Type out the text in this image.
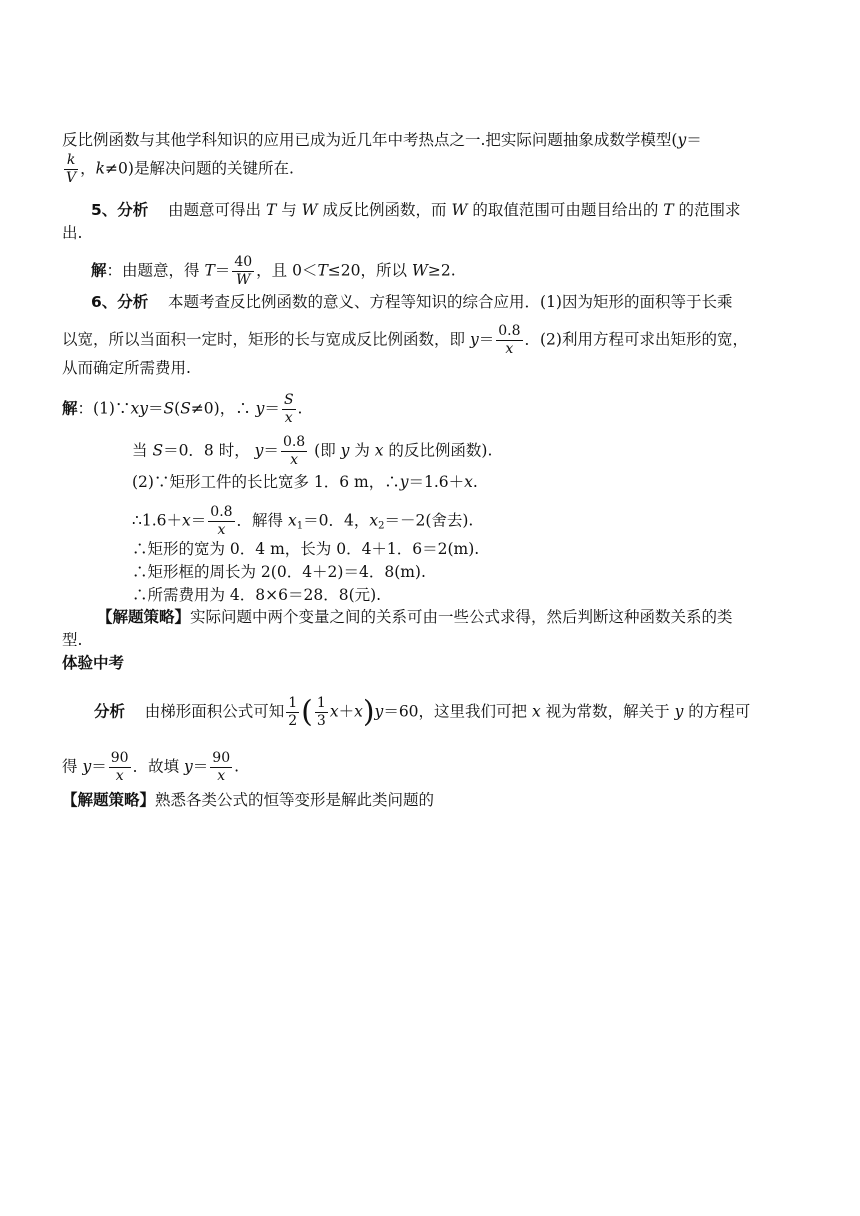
反比例函数与其他学科知识的应用已成为近几年中考热点之一.把实际问题抽象成数学模型(y＝
$\frac{k}{V}$ ，k≠0)是解决问题的关键所在.
5、分析 由题意可得出 T 与 W 成反比例函数，而 W 的取值范围可由题目给出的 T 的范围求
出.
解：由题意，得 $T= \frac{40}{W}$ ，且 0＜T≤20，所以 W≥2.
6、分析 本题考查反比例函数的意义、方程等知识的综合应用．(1)因为矩形的面积等于长乘
以宽，所以当面积一定时，矩形的长与宽成反比例函数，即 $y= \frac{0.8}{x}$ ．(2)利用方程可求出矩形的宽，
从而确定所需费用.
解：(1)∵xy＝S(S≠0)，∴ $y= \frac{S}{x}$ .
当 S＝0．8 时， $y= \frac{0.8}{x}$ (即 y 为 x 的反比例函数).
(2)∵矩形工件的长比宽多 1．6 m，∴y＝1.6＋x.
∴1.6＋x＝ $\frac{0.8}{x}$ ．解得 $x_1=0$．4，$x_2=-2$(舍去).
∴矩形的宽为 0．4 m，长为 0．4＋1．6＝2(m).
∴矩形框的周长为 2(0．4＋2)＝4．8(m).
∴所需费用为 4．8×6＝28．8(元).
【解题策略】实际问题中两个变量之间的关系可由一些公式求得，然后判断这种函数关系的类
型.
体验中考
分析 由梯形面积公式可知 $\frac{1}{2}$ ( $\frac{1}{3} x+x)y=60$，这里我们可把 x 视为常数，解关于 y 的方程可
得 $y= \frac{90}{x}$ ．故填 $y= \frac{90}{x}$ .
【解题策略】熟悉各类公式的恒等变形是解此类问题的
